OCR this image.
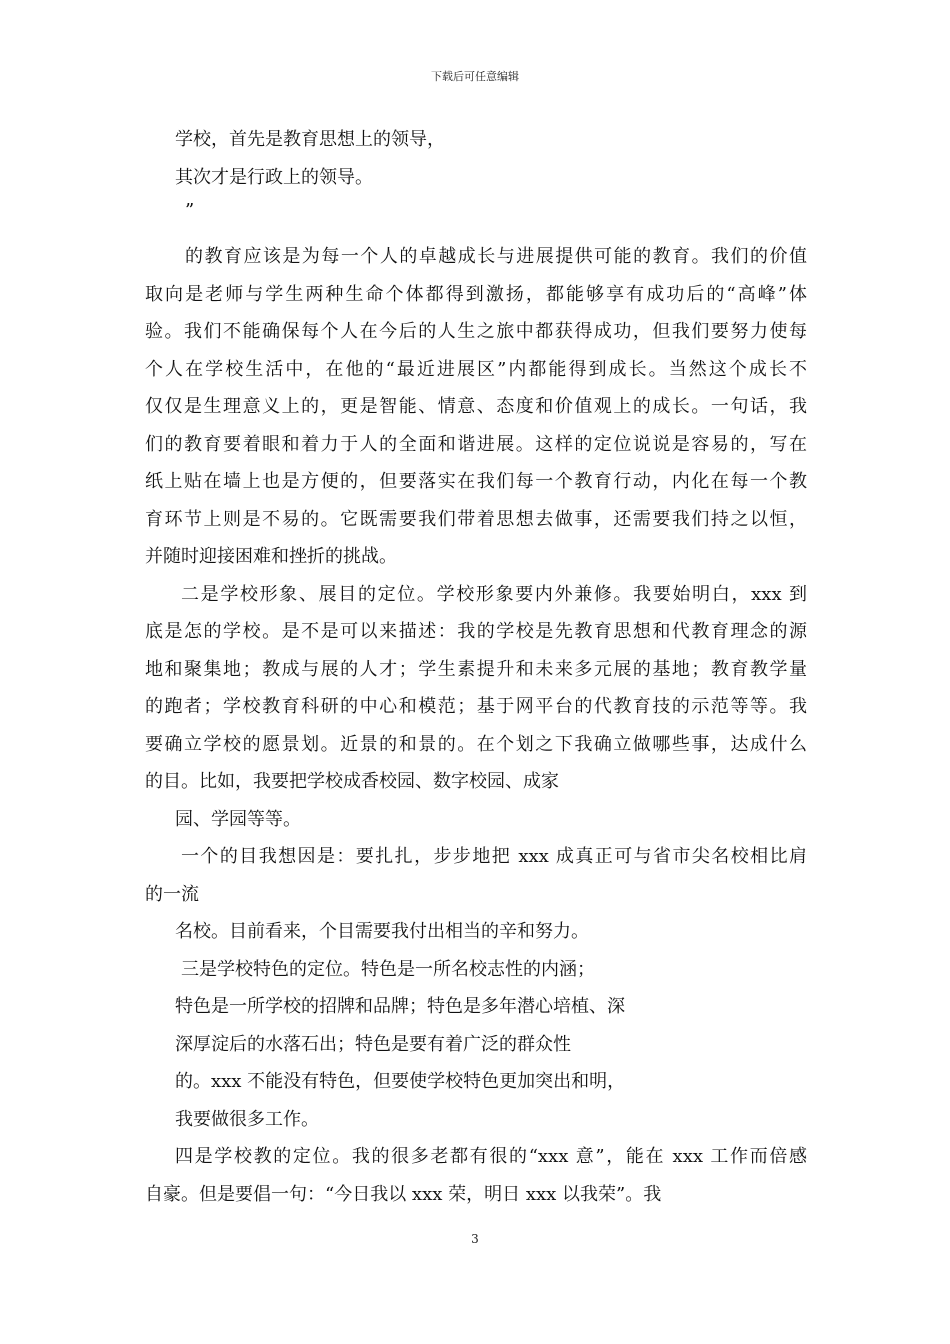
下载后可任意编辑
学校，首先是教育思想上的领导，
其次才是行政上的领导。
”
的教育应该是为每一个人的卓越成长与进展提供可能的教育。我们的价值
取向是老师与学生两种生命个体都得到激扬，都能够享有成功后的“高峰”体
验。我们不能确保每个人在今后的人生之旅中都获得成功，但我们要努力使每
个人在学校生活中，在他的“最近进展区”内都能得到成长。当然这个成长不
仅仅是生理意义上的，更是智能、情意、态度和价值观上的成长。一句话，我
们的教育要着眼和着力于人的全面和谐进展。这样的定位说说是容易的，写在
纸上贴在墙上也是方便的，但要落实在我们每一个教育行动，内化在每一个教
育环节上则是不易的。它既需要我们带着思想去做事，还需要我们持之以恒，
并随时迎接困难和挫折的挑战。
二是学校形象、展目的定位。学校形象要内外兼修。我要始明白，xxx 到
底是怎的学校。是不是可以来描述：我的学校是先教育思想和代教育理念的源
地和聚集地；教成与展的人才；学生素提升和未来多元展的基地；教育教学量
的跑者；学校教育科研的中心和模范；基于网平台的代教育技的示范等等。我
要确立学校的愿景划。近景的和景的。在个划之下我确立做哪些事，达成什么
的目。比如，我要把学校成香校园、数字校园、成家
园、学园等等。
一个的目我想因是：要扎扎，步步地把 xxx 成真正可与省市尖名校相比肩
的一流
名校。目前看来，个目需要我付出相当的辛和努力。
三是学校特色的定位。特色是一所名校志性的内涵；
特色是一所学校的招牌和品牌；特色是多年潜心培植、深
深厚淀后的水落石出；特色是要有着广泛的群众性
的。xxx 不能没有特色，但要使学校特色更加突出和明，
我要做很多工作。
四是学校教的定位。我的很多老都有很的“xxx 意”，能在 xxx 工作而倍感
自豪。但是要倡一句：“今日我以 xxx 荣，明日 xxx 以我荣”。我
3
